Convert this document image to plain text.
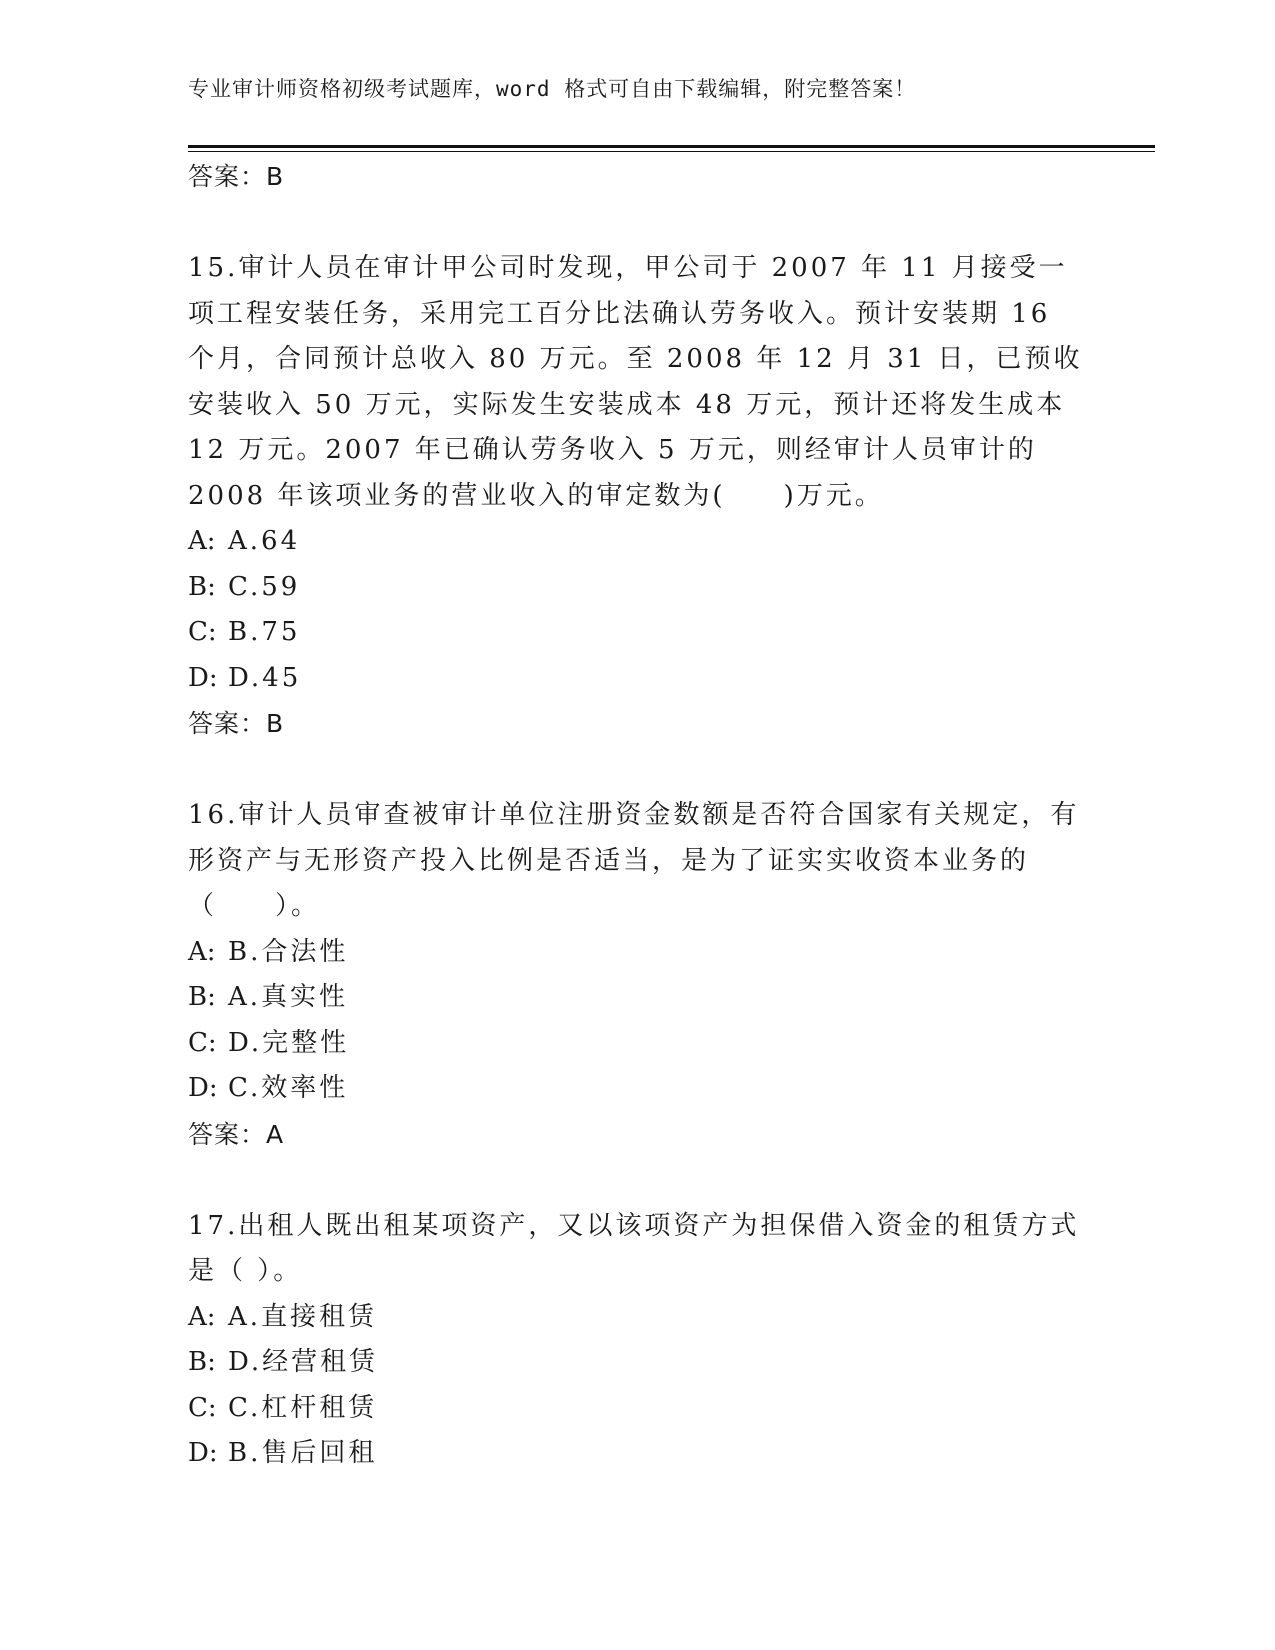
专业审计师资格初级考试题库，word 格式可自由下载编辑，附完整答案！
答案：B

15.审计人员在审计甲公司时发现，甲公司于 2007 年 11 月接受一项工程安装任务，采用完工百分比法确认劳务收入。预计安装期 16 个月，合同预计总收入 80 万元。至 2008 年 12 月 31 日，已预收安装收入 50 万元，实际发生安装成本 48 万元，预计还将发生成本 12 万元。2007 年已确认劳务收入 5 万元，则经审计人员审计的 2008 年该项业务的营业收入的审定数为(　　)万元。

A: A.64
B: C.59
C: B.75
D: D.45
答案：B

16.审计人员审查被审计单位注册资金数额是否符合国家有关规定，有形资产与无形资产投入比例是否适当，是为了证实实收资本业务的（　　）。

A: B.合法性
B: A.真实性
C: D.完整性
D: C.效率性
答案：A

17.出租人既出租某项资产，又以该项资产为担保借入资金的租赁方式是（ ）。

A: A.直接租赁
B: D.经营租赁
C: C.杠杆租赁
D: B.售后回租
